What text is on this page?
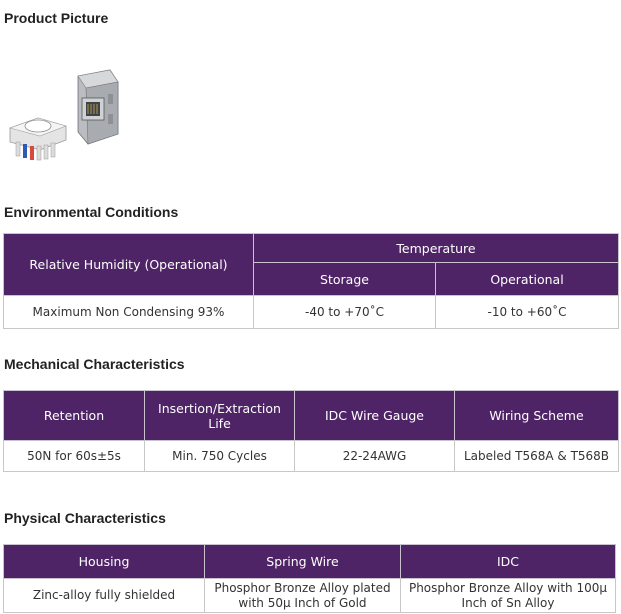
Product Picture
Environmental Conditions
Relative Humidity (Operational)	Temperature	
	Storage	Operational
Maximum Non Condensing 93%	-40 to +70˚C	-10 to +60˚C
Mechanical Characteristics
Retention	Insertion/Extraction Life	IDC Wire Gauge	Wiring Scheme
50N for 60s±5s	Min. 750 Cycles	22-24AWG	Labeled T568A & T568B
Physical Characteristics
Housing	Spring Wire	IDC
Zinc-alloy fully shielded	Phosphor Bronze Alloy plated with 50µ Inch of Gold	Phosphor Bronze Alloy with 100µ Inch of Sn Alloy
